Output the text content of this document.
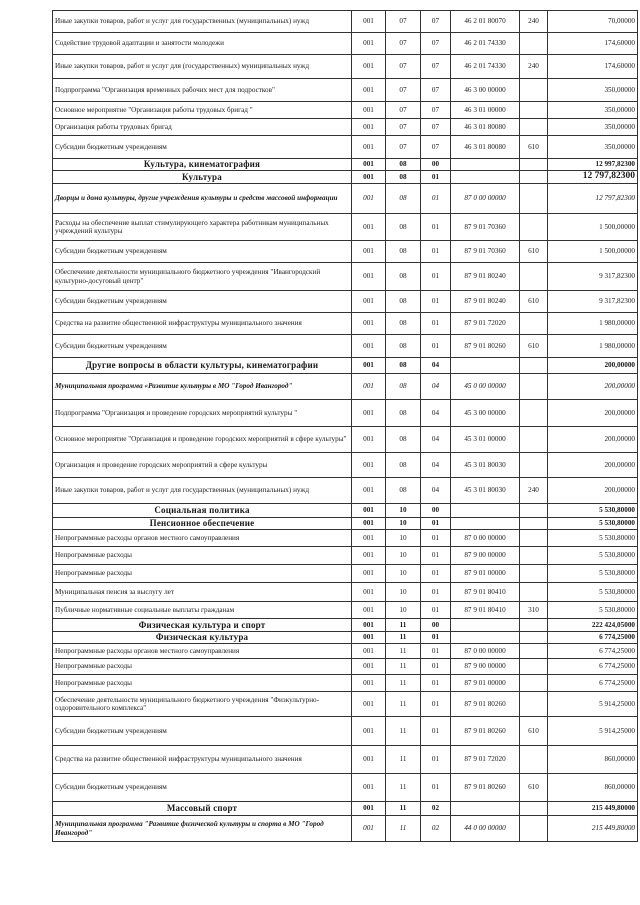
Иные закупки товаров, работ и услуг для государственных (муниципальных) нужд	001	07	07	46 2 01 80070	240	70,00000
Содействие трудовой адаптации и занятости молодежи	001	07	07	46 2 01 74330		174,60000
Иные закупки товаров, работ и услуг для (государственных) муниципальных нужд	001	07	07	46 2 01 74330	240	174,60000
Подпрограмма "Организация временных рабочих мест для подростков"	001	07	07	46 3 00 00000		350,00000
Основное мероприятие "Организация работы трудовых бригад "	001	07	07	46 3 01 00000		350,00000
Организация работы трудовых бригад	001	07	07	46 3 01 80080		350,00000
Субсидии бюджетным учреждениям	001	07	07	46 3 01 80080	610	350,00000
Культура, кинематография	001	08	00			12 997,82300
Культура	001	08	01			12 797,82300
Дворцы и дома культуры, другие учреждения культуры и средств массовой информации	001	08	01	87 0 00 00000		12 797,82300
Расходы на обеспечение выплат стимулирующего характера работникам муниципальных учреждений культуры	001	08	01	87 9 01 70360		1 500,00000
Субсидии бюджетным учреждениям	001	08	01	87 9 01 70360	610	1 500,00000
Обеспечение деятельности муниципального бюджетного учреждения "Ивангородский культурно-досуговый центр"	001	08	01	87 9 01 80240		9 317,82300
Субсидии бюджетным учреждениям	001	08	01	87 9 01 80240	610	9 317,82300
Средства на развитие общественной инфраструктуры муниципального значения	001	08	01	87 9 01 72020		1 980,00000
Субсидии бюджетным учреждениям	001	08	01	87 9 01 80260	610	1 980,00000
Другие вопросы в области культуры, кинематографии	001	08	04			200,00000
Муниципальная программа «Развитие культуры в МО "Город Ивангород"	001	08	04	45 0 00 00000		200,00000
Подпрограмма "Организация и проведение городских мероприятий культуры "	001	08	04	45 3 00 00000		200,00000
Основное мероприятие "Организация и проведение городских мероприятий в сфере культуры"	001	08	04	45 3 01 00000		200,00000
Организация и проведение городских мероприятий в сфере культуры	001	08	04	45 3 01 80030		200,00000
Иные закупки товаров, работ и услуг для государственных (муниципальных) нужд	001	08	04	45 3 01 80030	240	200,00000
Социальная политика	001	10	00			5 530,80000
Пенсионное обеспечение	001	10	01			5 530,80000
Непрограммные расходы органов местного самоуправления	001	10	01	87 0 00 00000		5 530,80000
Непрограммные расходы	001	10	01	87 9 00 00000		5 530,80000
Непрограммные расходы	001	10	01	87 9 01 00000		5 530,80000
Муниципальная пенсия за выслугу лет	001	10	01	87 9 01 80410		5 530,80000
Публичные нормативные социальные выплаты гражданам	001	10	01	87 9 01 80410	310	5 530,80000
Физическая культура и спорт	001	11	00			222 424,05000
Физическая культура	001	11	01			6 774,25000
Непрограммные расходы органов местного самоуправления	001	11	01	87 0 00 00000		6 774,25000
Непрограммные расходы	001	11	01	87 9 00 00000		6 774,25000
Непрограммные расходы	001	11	01	87 9 01 00000		6 774,25000
Обеспечение деятельности муниципального бюджетного учреждения "Физкультурно-оздоровительного комплекса"	001	11	01	87 9 01 80260		5 914,25000
Субсидии бюджетным учреждениям	001	11	01	87 9 01 80260	610	5 914,25000
Средства на развитие общественной инфраструктуры муниципального значения	001	11	01	87 9 01 72020		860,00000
Субсидии бюджетным учреждениям	001	11	01	87 9 01 80260	610	860,00000
Массовый спорт	001	11	02			215 449,80000
Муниципальная программа "Развитие физической культуры и спорта в МО "Город Ивангород"	001	11	02	44 0 00 00000		215 449,80000
